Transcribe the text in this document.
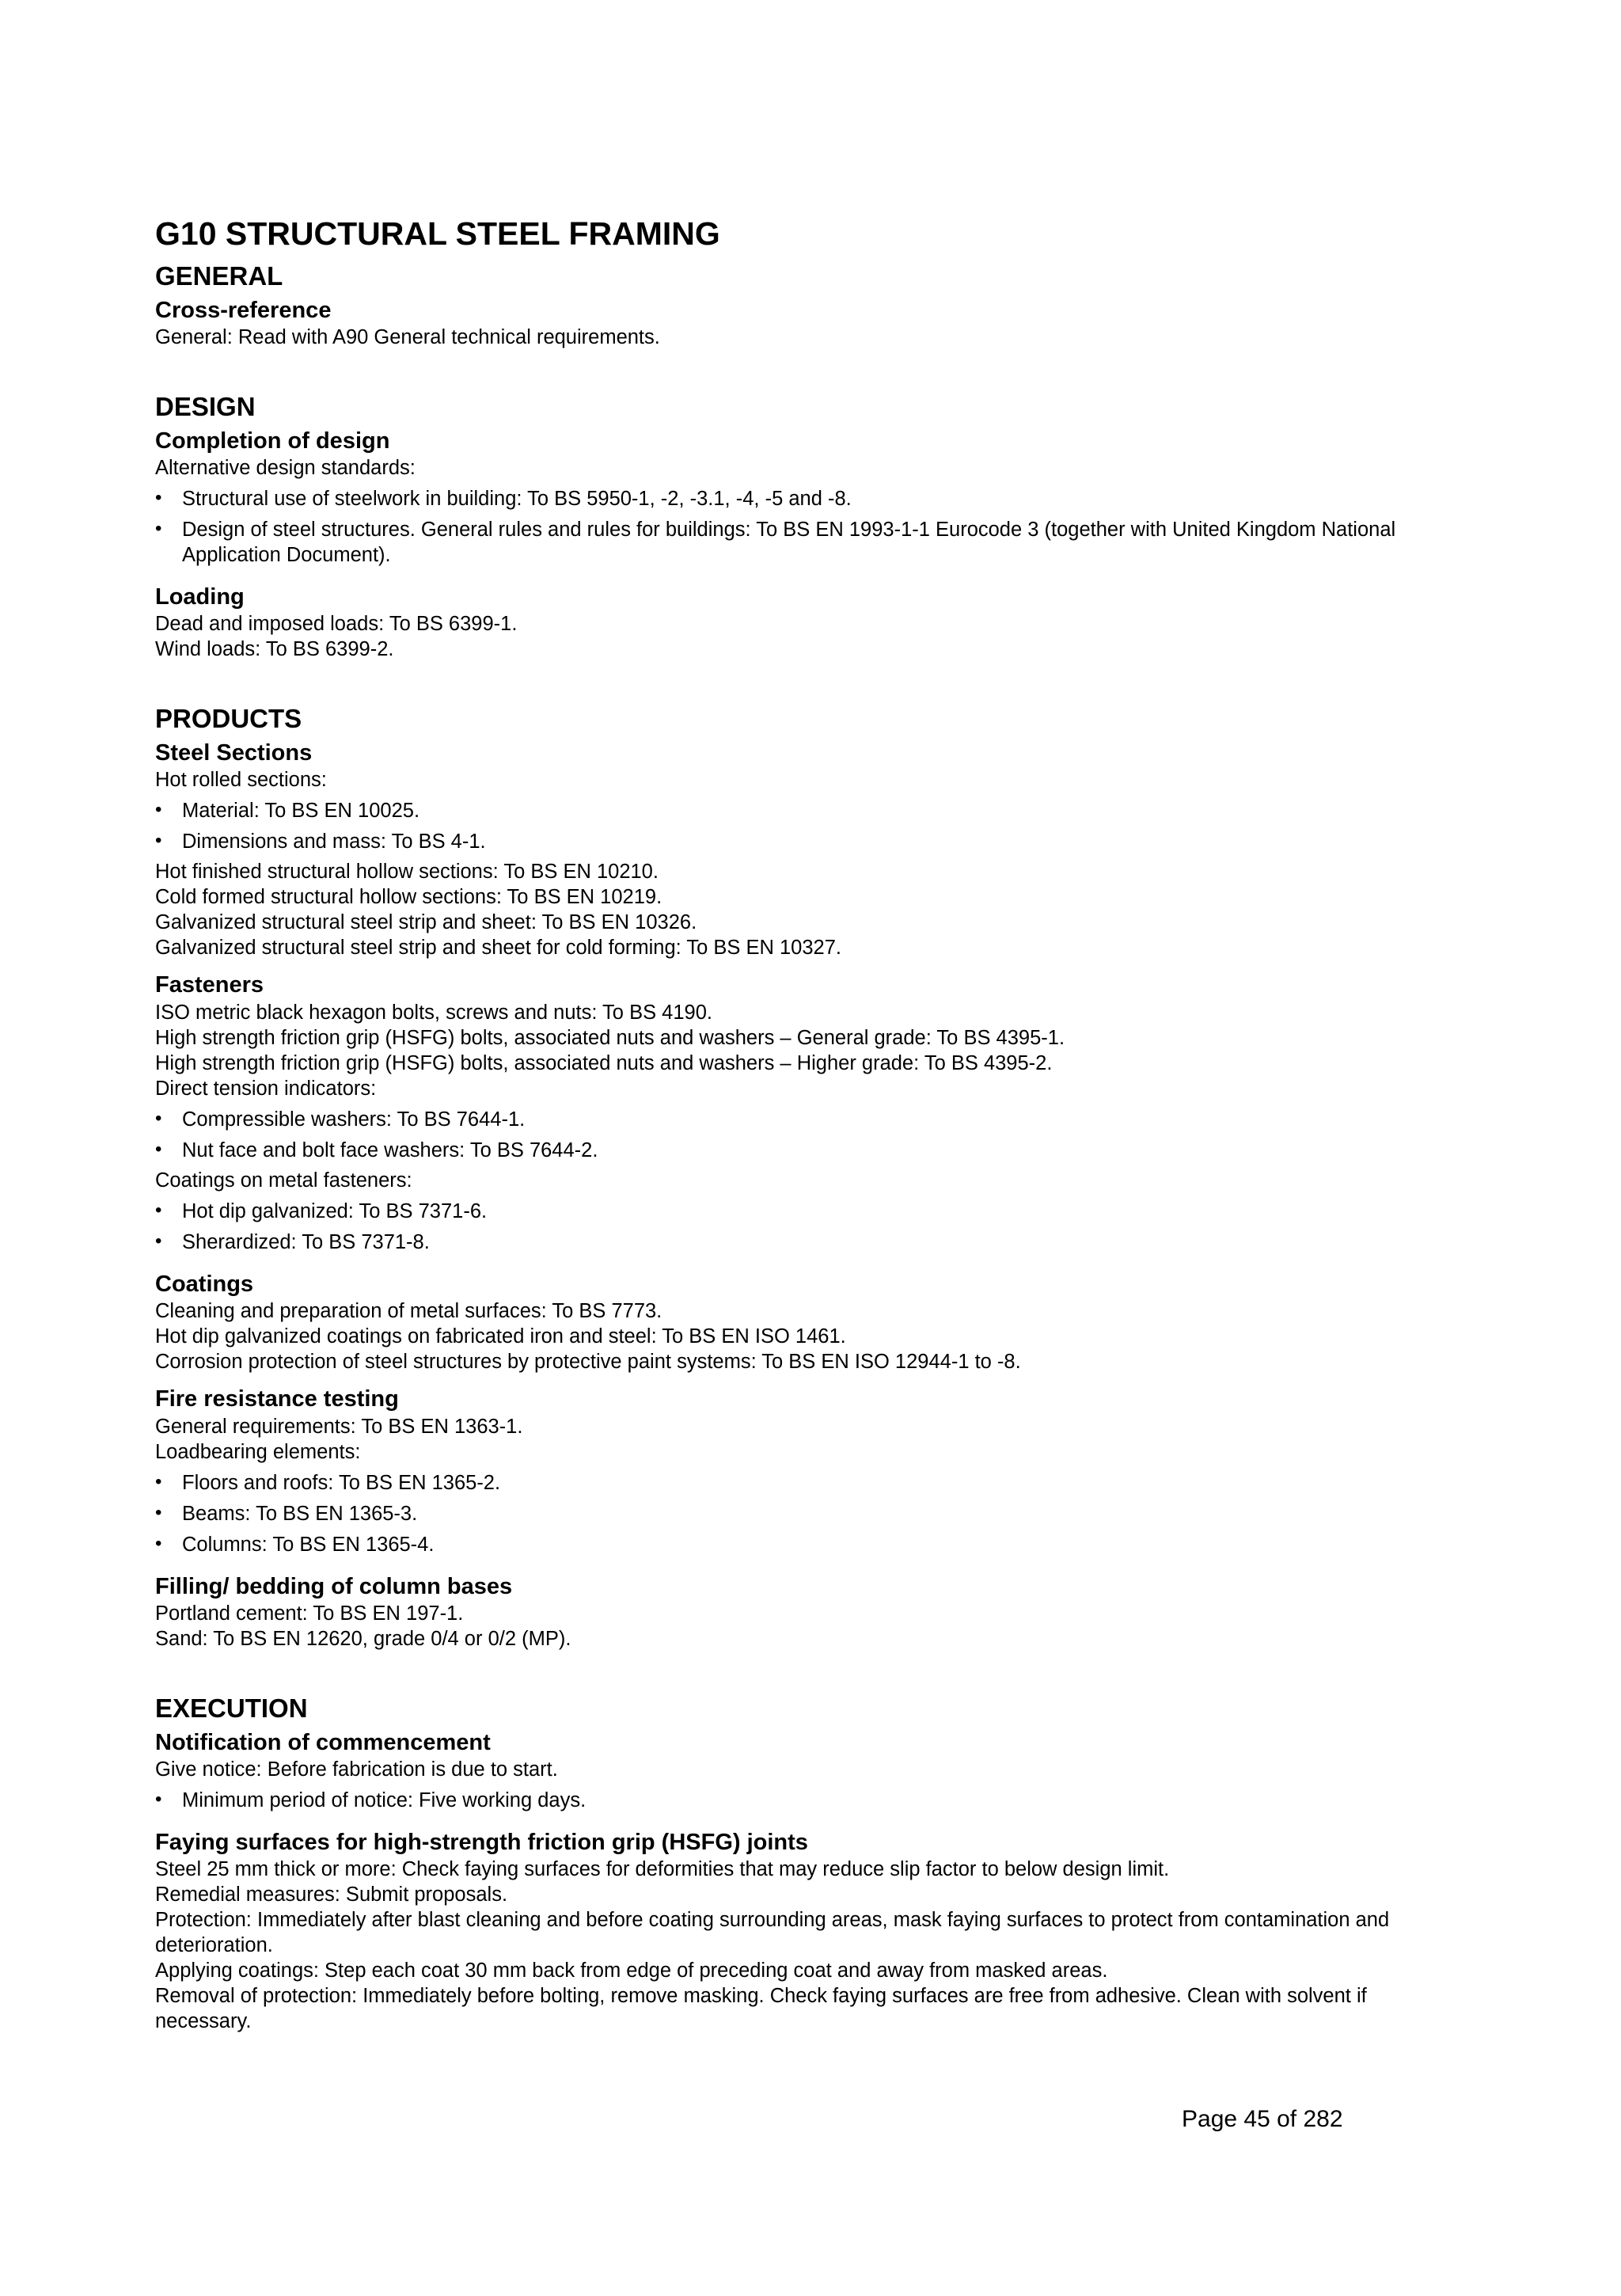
G10 STRUCTURAL STEEL FRAMING
GENERAL
Cross-reference

General: Read with A90 General technical requirements.

DESIGN
Completion of design

Alternative design standards:

• Structural use of steelwork in building: To BS 5950-1, -2, -3.1, -4, -5 and -8.
• Design of steel structures. General rules and rules for buildings: To BS EN 1993-1-1 Eurocode 3 (together with United Kingdom National Application Document).
Loading

Dead and imposed loads: To BS 6399-1.

Wind loads: To BS 6399-2.

PRODUCTS
Steel Sections

Hot rolled sections:

• Material: To BS EN 10025.
• Dimensions and mass: To BS 4-1.

Hot finished structural hollow sections: To BS EN 10210.

Cold formed structural hollow sections: To BS EN 10219.

Galvanized structural steel strip and sheet: To BS EN 10326.

Galvanized structural steel strip and sheet for cold forming: To BS EN 10327.

Fasteners

ISO metric black hexagon bolts, screws and nuts: To BS 4190.

High strength friction grip (HSFG) bolts, associated nuts and washers – General grade: To BS 4395-1.

High strength friction grip (HSFG) bolts, associated nuts and washers – Higher grade: To BS 4395-2.

Direct tension indicators:

• Compressible washers: To BS 7644-1.
• Nut face and bolt face washers: To BS 7644-2.

Coatings on metal fasteners:

• Hot dip galvanized: To BS 7371-6.
• Sherardized: To BS 7371-8.
Coatings

Cleaning and preparation of metal surfaces: To BS 7773.

Hot dip galvanized coatings on fabricated iron and steel: To BS EN ISO 1461.

Corrosion protection of steel structures by protective paint systems: To BS EN ISO 12944-1 to -8.

Fire resistance testing

General requirements: To BS EN 1363-1.

Loadbearing elements:

• Floors and roofs: To BS EN 1365-2.
• Beams: To BS EN 1365-3.
• Columns: To BS EN 1365-4.
Filling/ bedding of column bases

Portland cement: To BS EN 197-1.

Sand: To BS EN 12620, grade 0/4 or 0/2 (MP).

EXECUTION
Notification of commencement

Give notice: Before fabrication is due to start.

• Minimum period of notice: Five working days.
Faying surfaces for high-strength friction grip (HSFG) joints

Steel 25 mm thick or more: Check faying surfaces for deformities that may reduce slip factor to below design limit.

Remedial measures: Submit proposals.

Protection: Immediately after blast cleaning and before coating surrounding areas, mask faying surfaces to protect from contamination and deterioration.

Applying coatings: Step each coat 30 mm back from edge of preceding coat and away from masked areas.

Removal of protection: Immediately before bolting, remove masking. Check faying surfaces are free from adhesive. Clean with solvent if necessary.

Page 45 of 282
